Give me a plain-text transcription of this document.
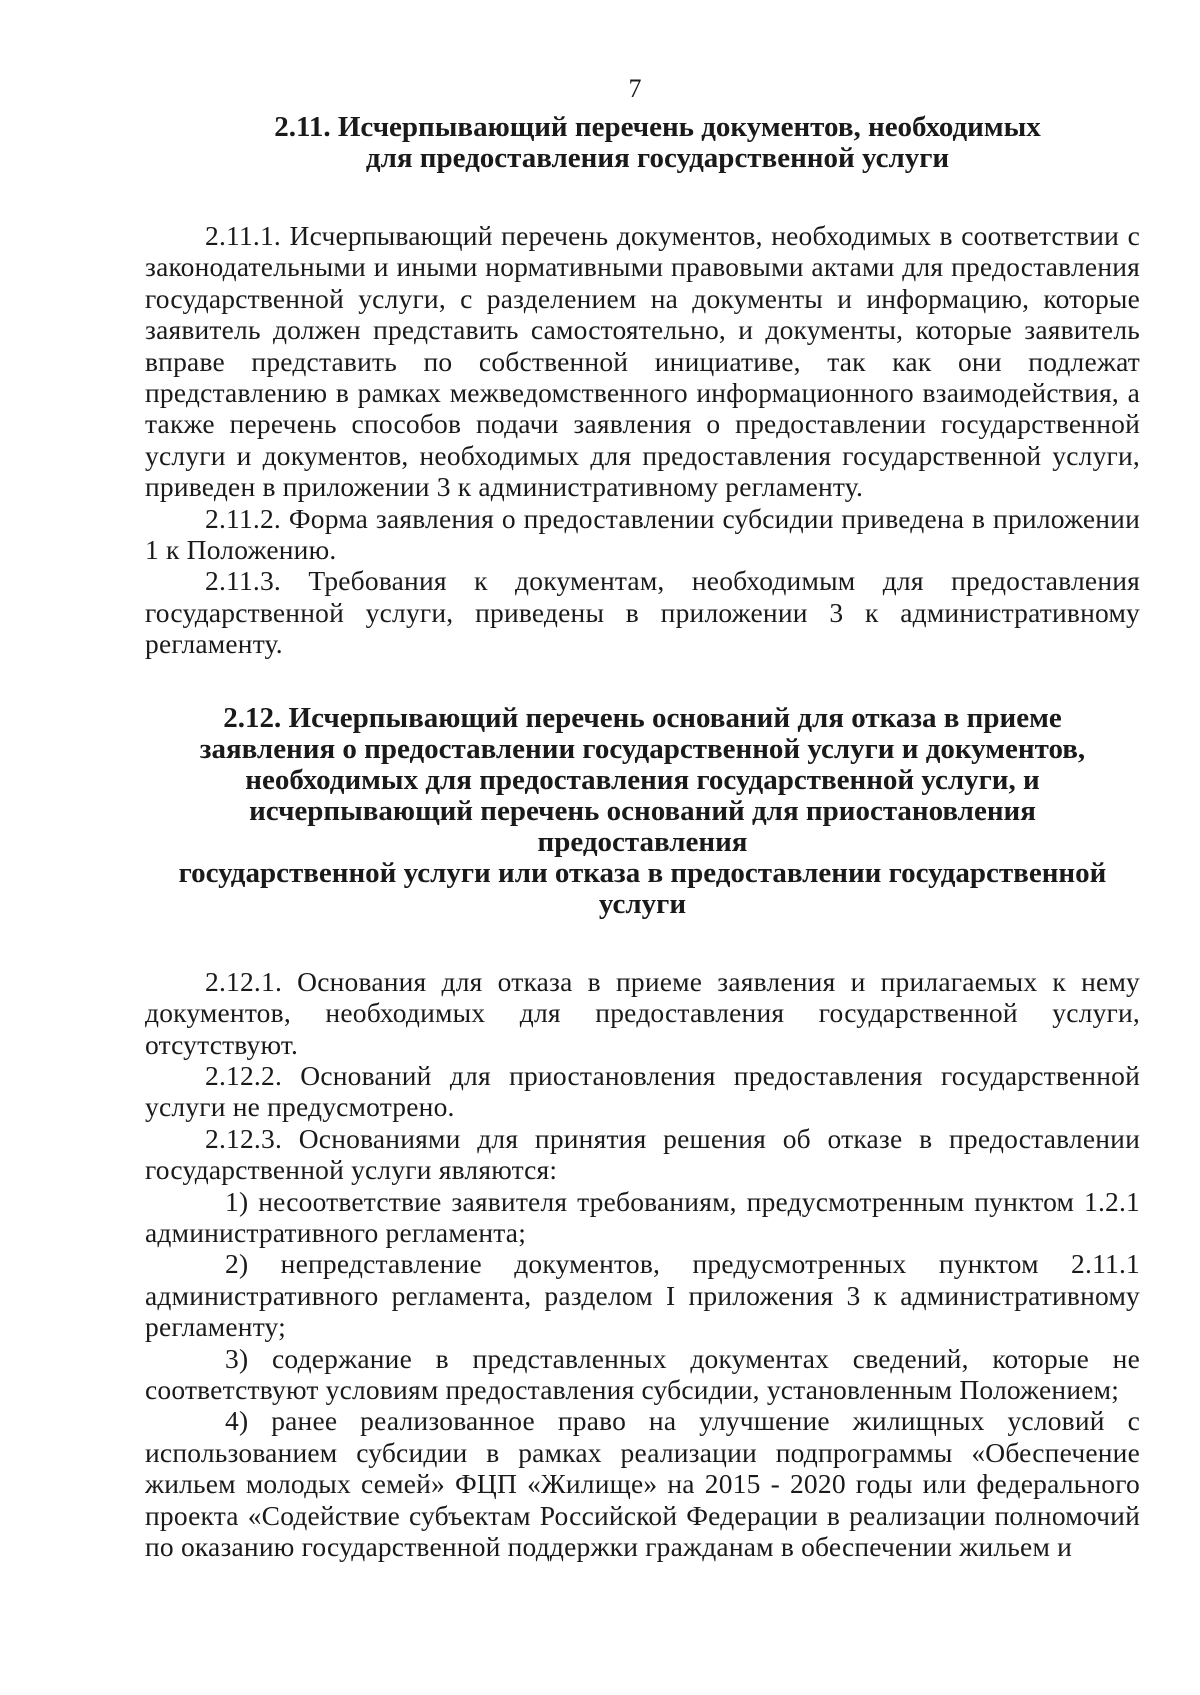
7
2.11. Исчерпывающий перечень документов, необходимых
для предоставления государственной услуги

2.11.1. Исчерпывающий перечень документов, необходимых в соответствии с законодательными и иными нормативными правовыми актами для предоставления государственной услуги, с разделением на документы и информацию, которые заявитель должен представить самостоятельно, и документы, которые заявитель вправе представить по собственной инициативе, так как они подлежат представлению в рамках межведомственного информационного взаимодействия, а также перечень способов подачи заявления о предоставлении государственной услуги и документов, необходимых для предоставления государственной услуги, приведен в приложении 3 к административному регламенту.

2.11.2. Форма заявления о предоставлении субсидии приведена в приложении 1 к Положению.

2.11.3. Требования к документам, необходимым для предоставления государственной услуги, приведены в приложении 3 к административному регламенту.

2.12. Исчерпывающий перечень оснований для отказа в приеме
заявления о предоставлении государственной услуги и документов,
необходимых для предоставления государственной услуги, и
исчерпывающий перечень оснований для приостановления предоставления
государственной услуги или отказа в предоставлении государственной
услуги

2.12.1. Основания для отказа в приеме заявления и прилагаемых к нему документов, необходимых для предоставления государственной услуги, отсутствуют.

2.12.2. Оснований для приостановления предоставления государственной услуги не предусмотрено.

2.12.3. Основаниями для принятия решения об отказе в предоставлении государственной услуги являются:

1) несоответствие заявителя требованиям, предусмотренным пунктом 1.2.1 административного регламента;

2) непредставление документов, предусмотренных пунктом 2.11.1 административного регламента, разделом I приложения 3 к административному регламенту;

3) содержание в представленных документах сведений, которые не соответствуют условиям предоставления субсидии, установленным Положением;

4) ранее реализованное право на улучшение жилищных условий с использованием субсидии в рамках реализации подпрограммы «Обеспечение жильем молодых семей» ФЦП «Жилище» на 2015 - 2020 годы или федерального проекта «Содействие субъектам Российской Федерации в реализации полномочий по оказанию государственной поддержки гражданам в обеспечении жильем и
